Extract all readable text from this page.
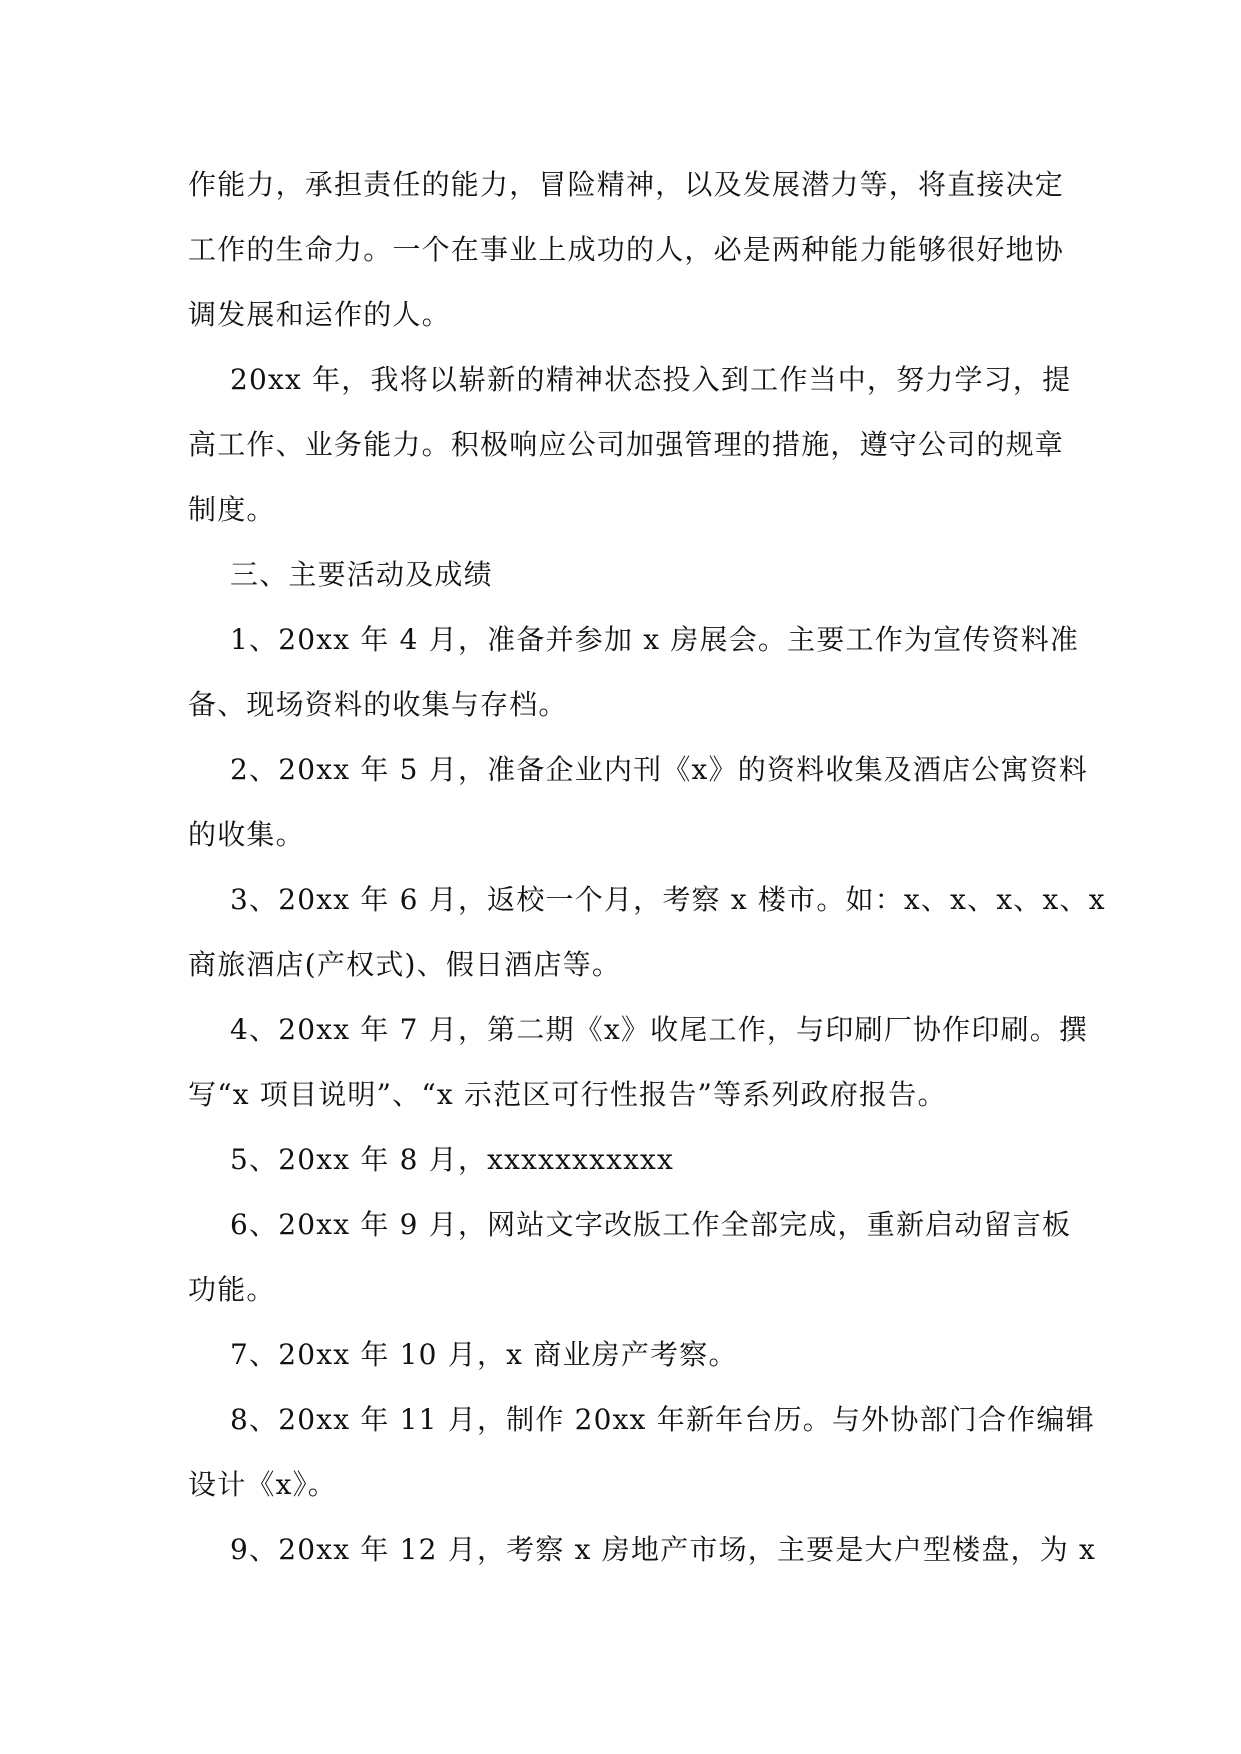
作能力，承担责任的能力，冒险精神，以及发展潜力等，将直接决定
工作的生命力。一个在事业上成功的人，必是两种能力能够很好地协
调发展和运作的人。
20xx 年，我将以崭新的精神状态投入到工作当中，努力学习，提
高工作、业务能力。积极响应公司加强管理的措施，遵守公司的规章
制度。
三、主要活动及成绩
1、20xx 年 4 月，准备并参加 x 房展会。主要工作为宣传资料准
备、现场资料的收集与存档。
2、20xx 年 5 月，准备企业内刊《x》的资料收集及酒店公寓资料
的收集。
3、20xx 年 6 月，返校一个月，考察 x 楼市。如：x、x、x、x、x
商旅酒店(产权式)、假日酒店等。
4、20xx 年 7 月，第二期《x》收尾工作，与印刷厂协作印刷。撰
写“x 项目说明”、“x 示范区可行性报告”等系列政府报告。
5、20xx 年 8 月，xxxxxxxxxxx
6、20xx 年 9 月，网站文字改版工作全部完成，重新启动留言板
功能。
7、20xx 年 10 月，x 商业房产考察。
8、20xx 年 11 月，制作 20xx 年新年台历。与外协部门合作编辑
设计《x》。
9、20xx 年 12 月，考察 x 房地产市场，主要是大户型楼盘，为 x
